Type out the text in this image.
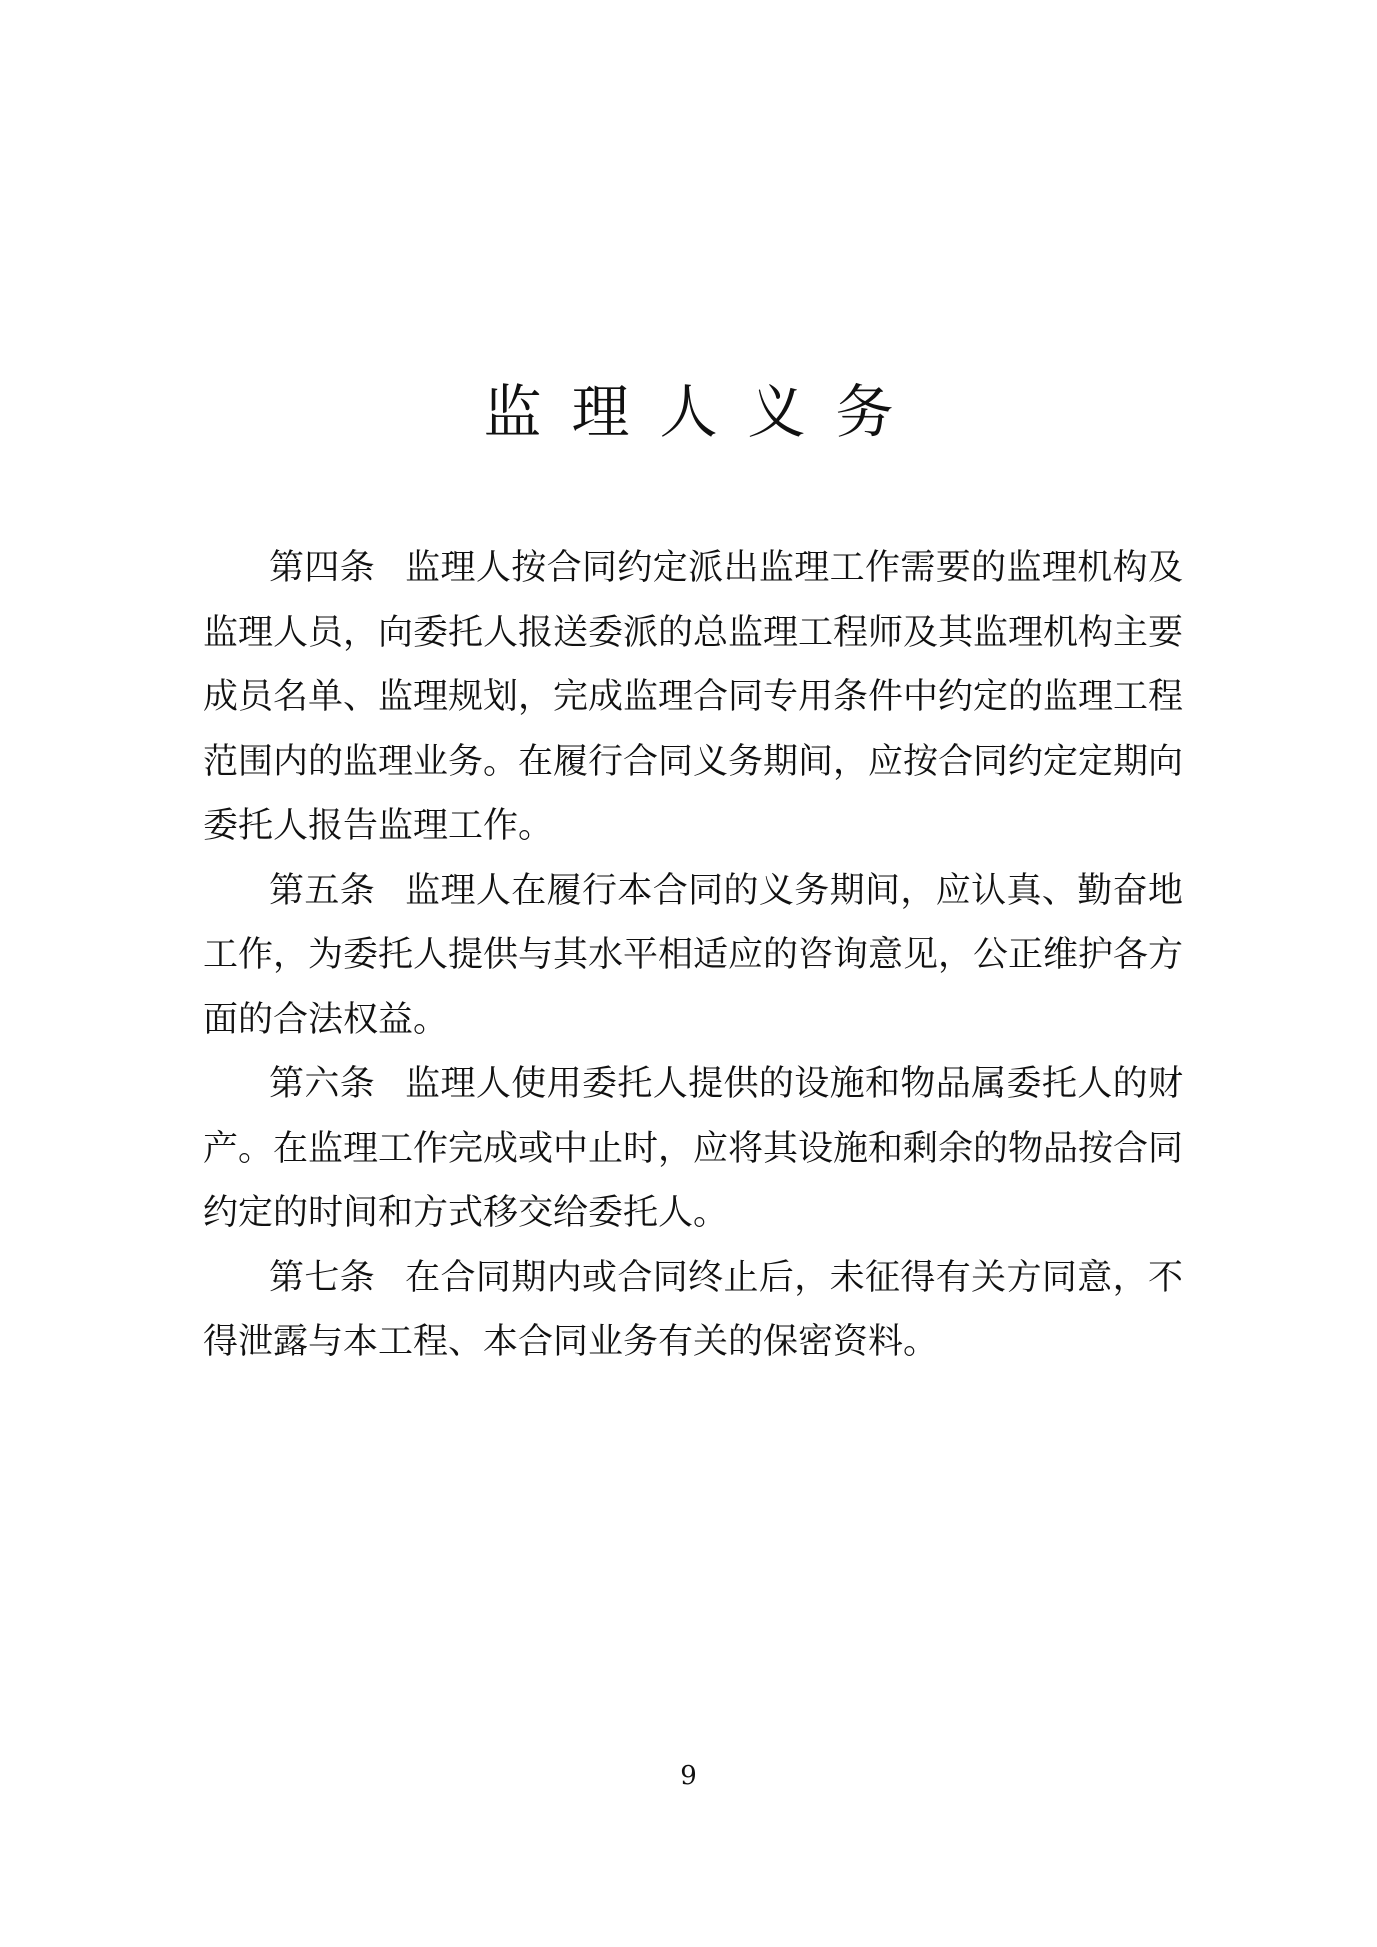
监理人义务

第四条 监理人按合同约定派出监理工作需要的监理机构及监理人员，向委托人报送委派的总监理工程师及其监理机构主要成员名单、监理规划，完成监理合同专用条件中约定的监理工程范围内的监理业务。在履行合同义务期间，应按合同约定定期向委托人报告监理工作。

第五条 监理人在履行本合同的义务期间，应认真、勤奋地工作，为委托人提供与其水平相适应的咨询意见，公正维护各方面的合法权益。

第六条 监理人使用委托人提供的设施和物品属委托人的财产。在监理工作完成或中止时，应将其设施和剩余的物品按合同约定的时间和方式移交给委托人。

第七条 在合同期内或合同终止后，未征得有关方同意，不得泄露与本工程、本合同业务有关的保密资料。

9
